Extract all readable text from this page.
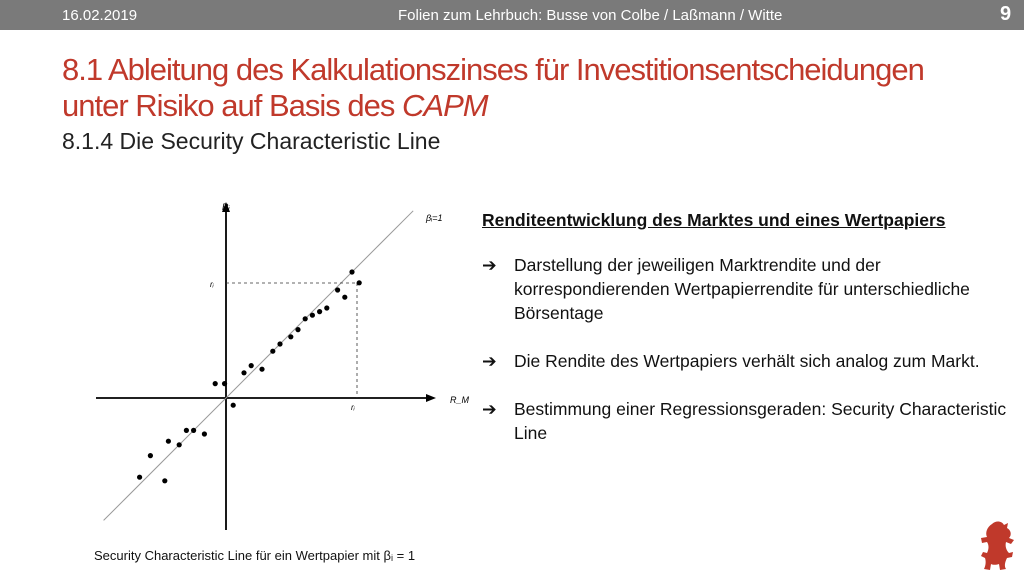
16.02.2019	Folien zum Lehrbuch: Busse von Colbe / Laßmann / Witte	9
8.1 Ableitung des Kalkulationszinses für Investitionsentscheidungen
unter Risiko auf Basis des CAPM
8.1.4 Die Security Characteristic Line
Rᵢ
R_M
βᵢ=1
rᵢ
rᵢ
Security Characteristic Line für ein Wertpapier mit βᵢ = 1
Renditeentwicklung des Marktes und eines Wertpapiers
➔ Darstellung der jeweiligen Marktrendite und der korrespondierenden Wertpapierrendite für unterschiedliche Börsentage
➔ Die Rendite des Wertpapiers verhält sich analog zum Markt.
➔ Bestimmung einer Regressionsgeraden: Security Characteristic Line
